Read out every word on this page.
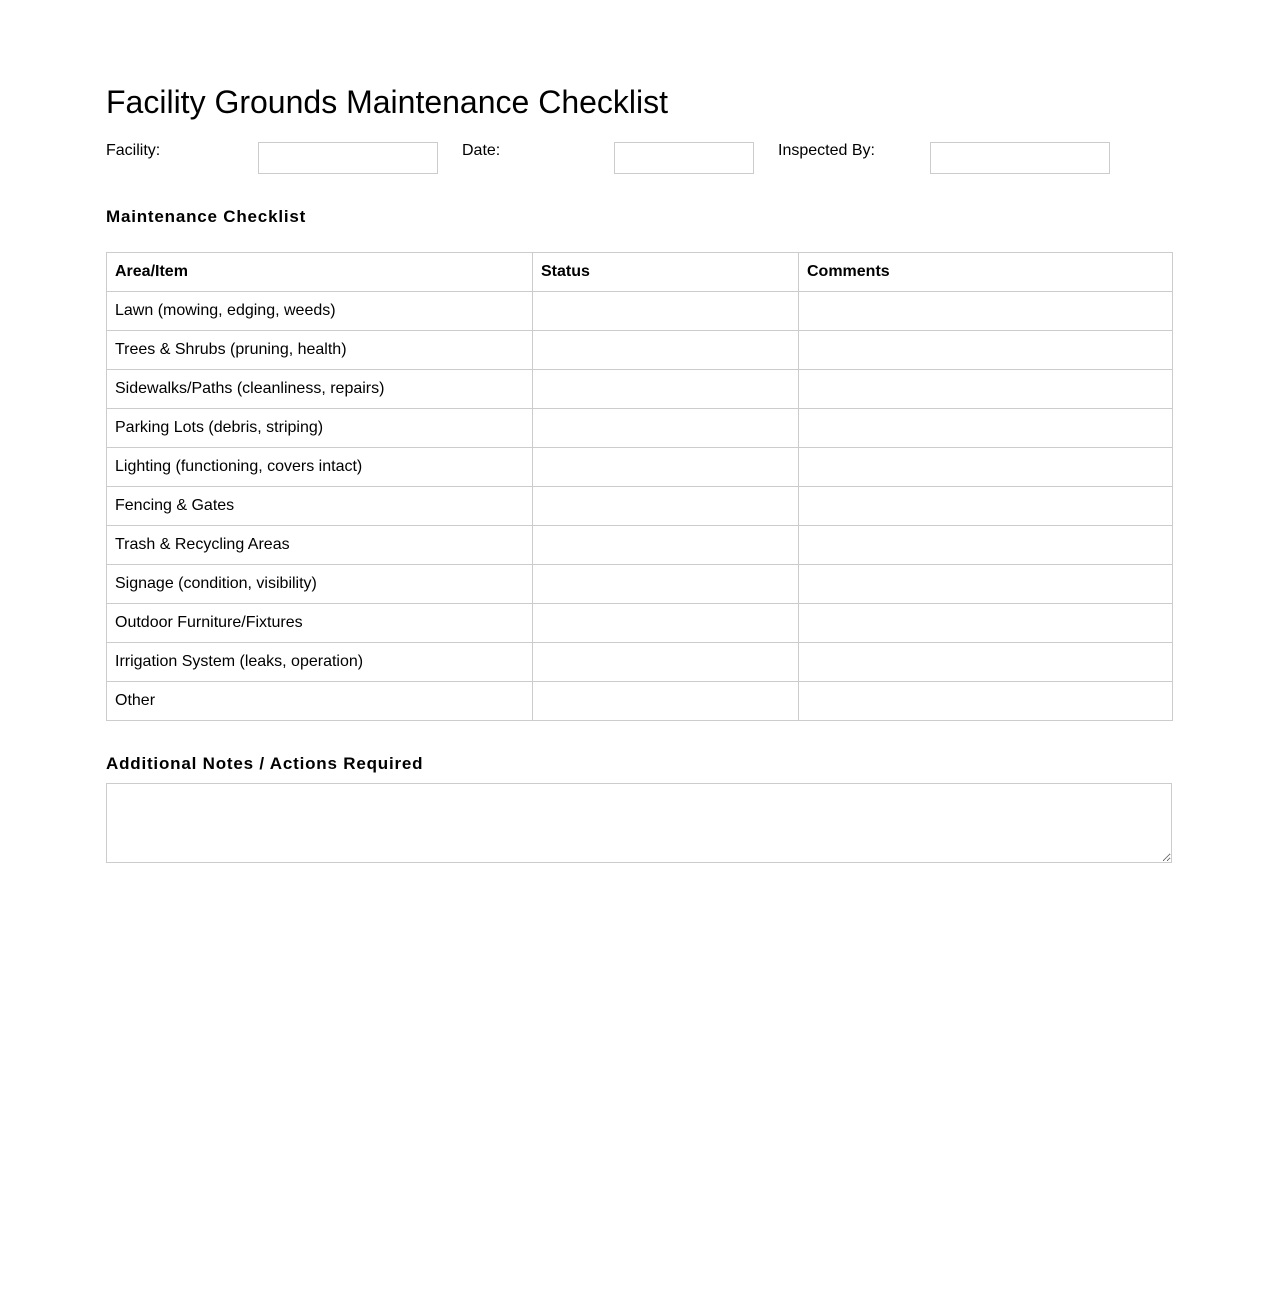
Facility Grounds Maintenance Checklist
Facility:	Date:	Inspected By:
Maintenance Checklist
Area/Item	Status	Comments
Lawn (mowing, edging, weeds)		
Trees & Shrubs (pruning, health)		
Sidewalks/Paths (cleanliness, repairs)		
Parking Lots (debris, striping)		
Lighting (functioning, covers intact)		
Fencing & Gates		
Trash & Recycling Areas		
Signage (condition, visibility)		
Outdoor Furniture/Fixtures		
Irrigation System (leaks, operation)		
Other		
Additional Notes / Actions Required
